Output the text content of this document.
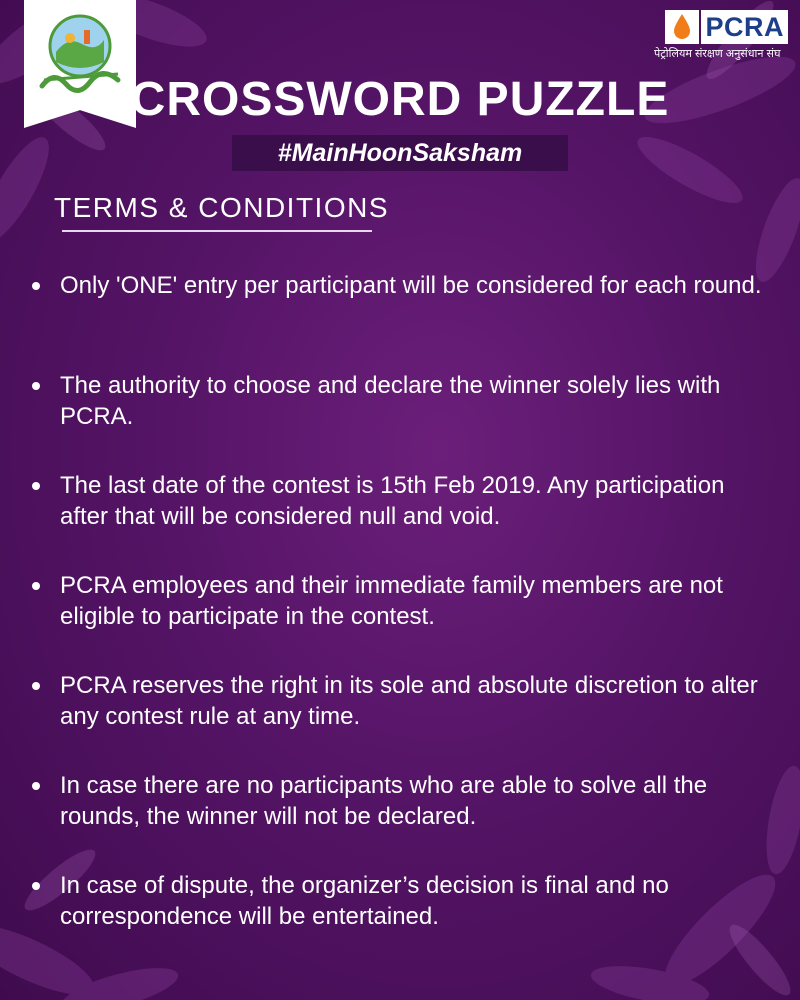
PCRA
पेट्रोलियम संरक्षण अनुसंधान संघ
CROSSWORD PUZZLE
#MainHoonSaksham
TERMS & CONDITIONS
Only 'ONE' entry per participant will be considered for each round.
The authority to choose and declare the winner solely lies with PCRA.
The last date of the contest is 15th Feb 2019. Any participation after that will be considered null and void.
PCRA employees and their immediate family members are not eligible to participate in the contest.
PCRA reserves the right in its sole and absolute discretion to alter any contest rule at any time.
In case there are no participants who are able to solve all the rounds, the winner will not be declared.
In case of dispute, the organizer’s decision is final and no correspondence will be entertained.
